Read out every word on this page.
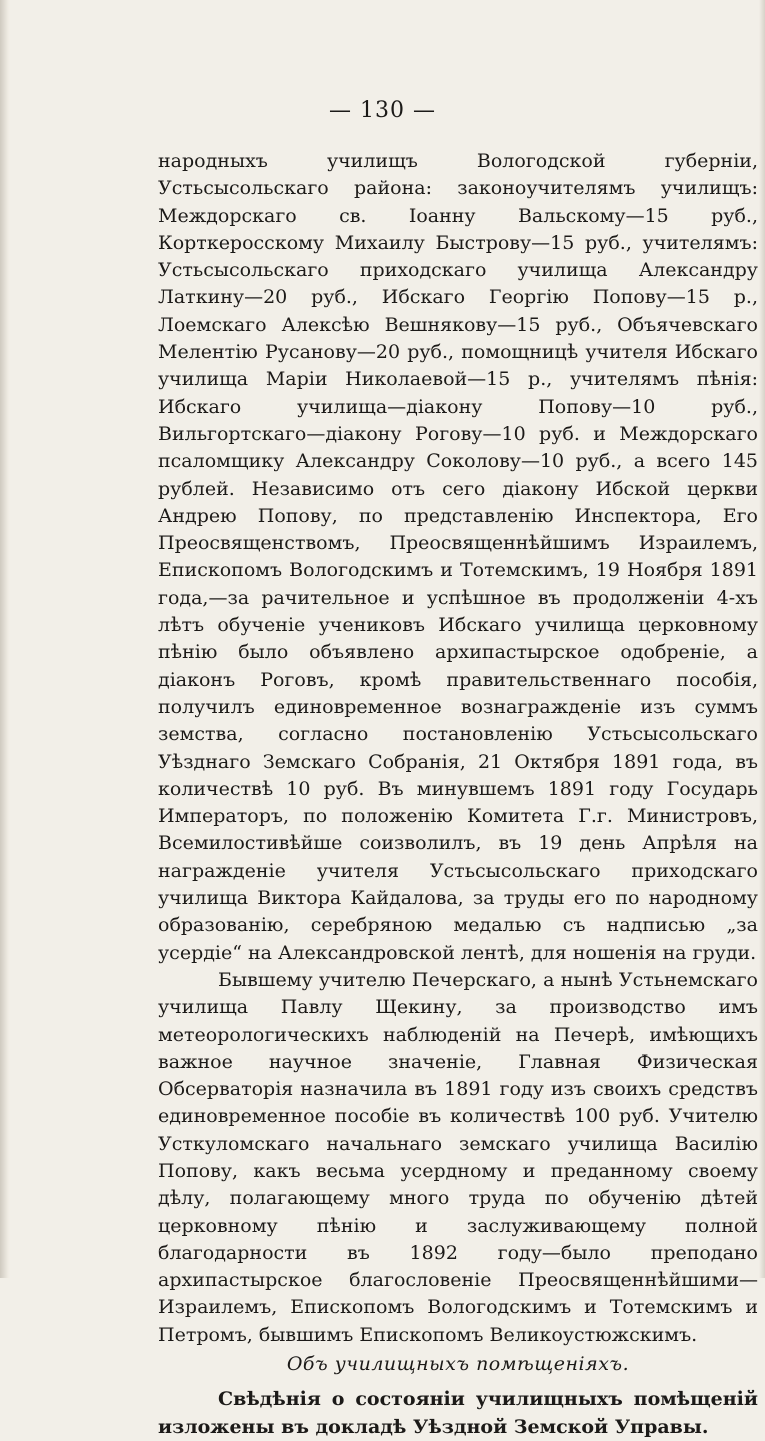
— 130 —

народныхъ училищъ Вологодской губерніи, Устьсысольскаго района: законоучителямъ училищъ: Междорскаго св. Іоанну Вальскому—15 руб., Корткеросскому Михаилу Быстрову—15 руб., учителямъ: Устьсысольскаго приходскаго училища Александру Латкину—20 руб., Ибскаго Георгію Попову—15 р., Лоемскаго Алексѣю Вешнякову—15 руб., Объячевскаго Мелентію Русанову—20 руб., помощницѣ учителя Ибскаго училища Маріи Николаевой—15 р., учителямъ пѣнія: Ибскаго училища—діакону Попову—10 руб., Вильгортскаго—діакону Рогову—10 руб. и Междорскаго псаломщику Александру Соколову—10 руб., а всего 145 рублей. Независимо отъ сего діакону Ибской церкви Андрею Попову, по представленію Инспектора, Его Преосвященствомъ, Преосвященнѣйшимъ Израилемъ, Епископомъ Вологодскимъ и Тотемскимъ, 19 Ноября 1891 года,—за рачительное и успѣшное въ продолженіи 4-хъ лѣтъ обученіе учениковъ Ибскаго училища церковному пѣнію было объявлено архипастырское одобреніе, а діаконъ Роговъ, кромѣ правительственнаго пособія, получилъ единовременное вознагражденіе изъ суммъ земства, согласно постановленію Устьсысольскаго Уѣзднаго Земскаго Собранія, 21 Октября 1891 года, въ количествѣ 10 руб. Въ минувшемъ 1891 году Государь Императоръ, по положенію Комитета Г.г. Министровъ, Всемилостивѣйше соизволилъ, въ 19 день Апрѣля на награжденіе учителя Устьсысольскаго приходскаго училища Виктора Кайдалова, за труды его по народному образованію, серебряною медалью съ надписью „за усердіе“ на Александровской лентѣ, для ношенія на груди.

Бывшему учителю Печерскаго, а нынѣ Устьнемскаго училища Павлу Щекину, за производство имъ метеорологическихъ наблюденій на Печерѣ, имѣющихъ важное научное значеніе, Главная Физическая Обсерваторія назначила въ 1891 году изъ своихъ средствъ единовременное пособіе въ количествѣ 100 руб. Учителю Усткуломскаго начальнаго земскаго училища Василію Попову, какъ весьма усердному и преданному своему дѣлу, полагающему много труда по обученію дѣтей церковному пѣнію и заслуживающему полной благодарности въ 1892 году—было преподано архипастырское благословеніе Преосвященнѣйшими—Израилемъ, Епископомъ Вологодскимъ и Тотемскимъ и Петромъ, бывшимъ Епископомъ Великоустюжскимъ.

Объ училищныхъ помѣщеніяхъ.

Свѣдѣнія о состояніи училищныхъ помѣщеній изложены въ докладѣ Уѣздной Земской Управы.
